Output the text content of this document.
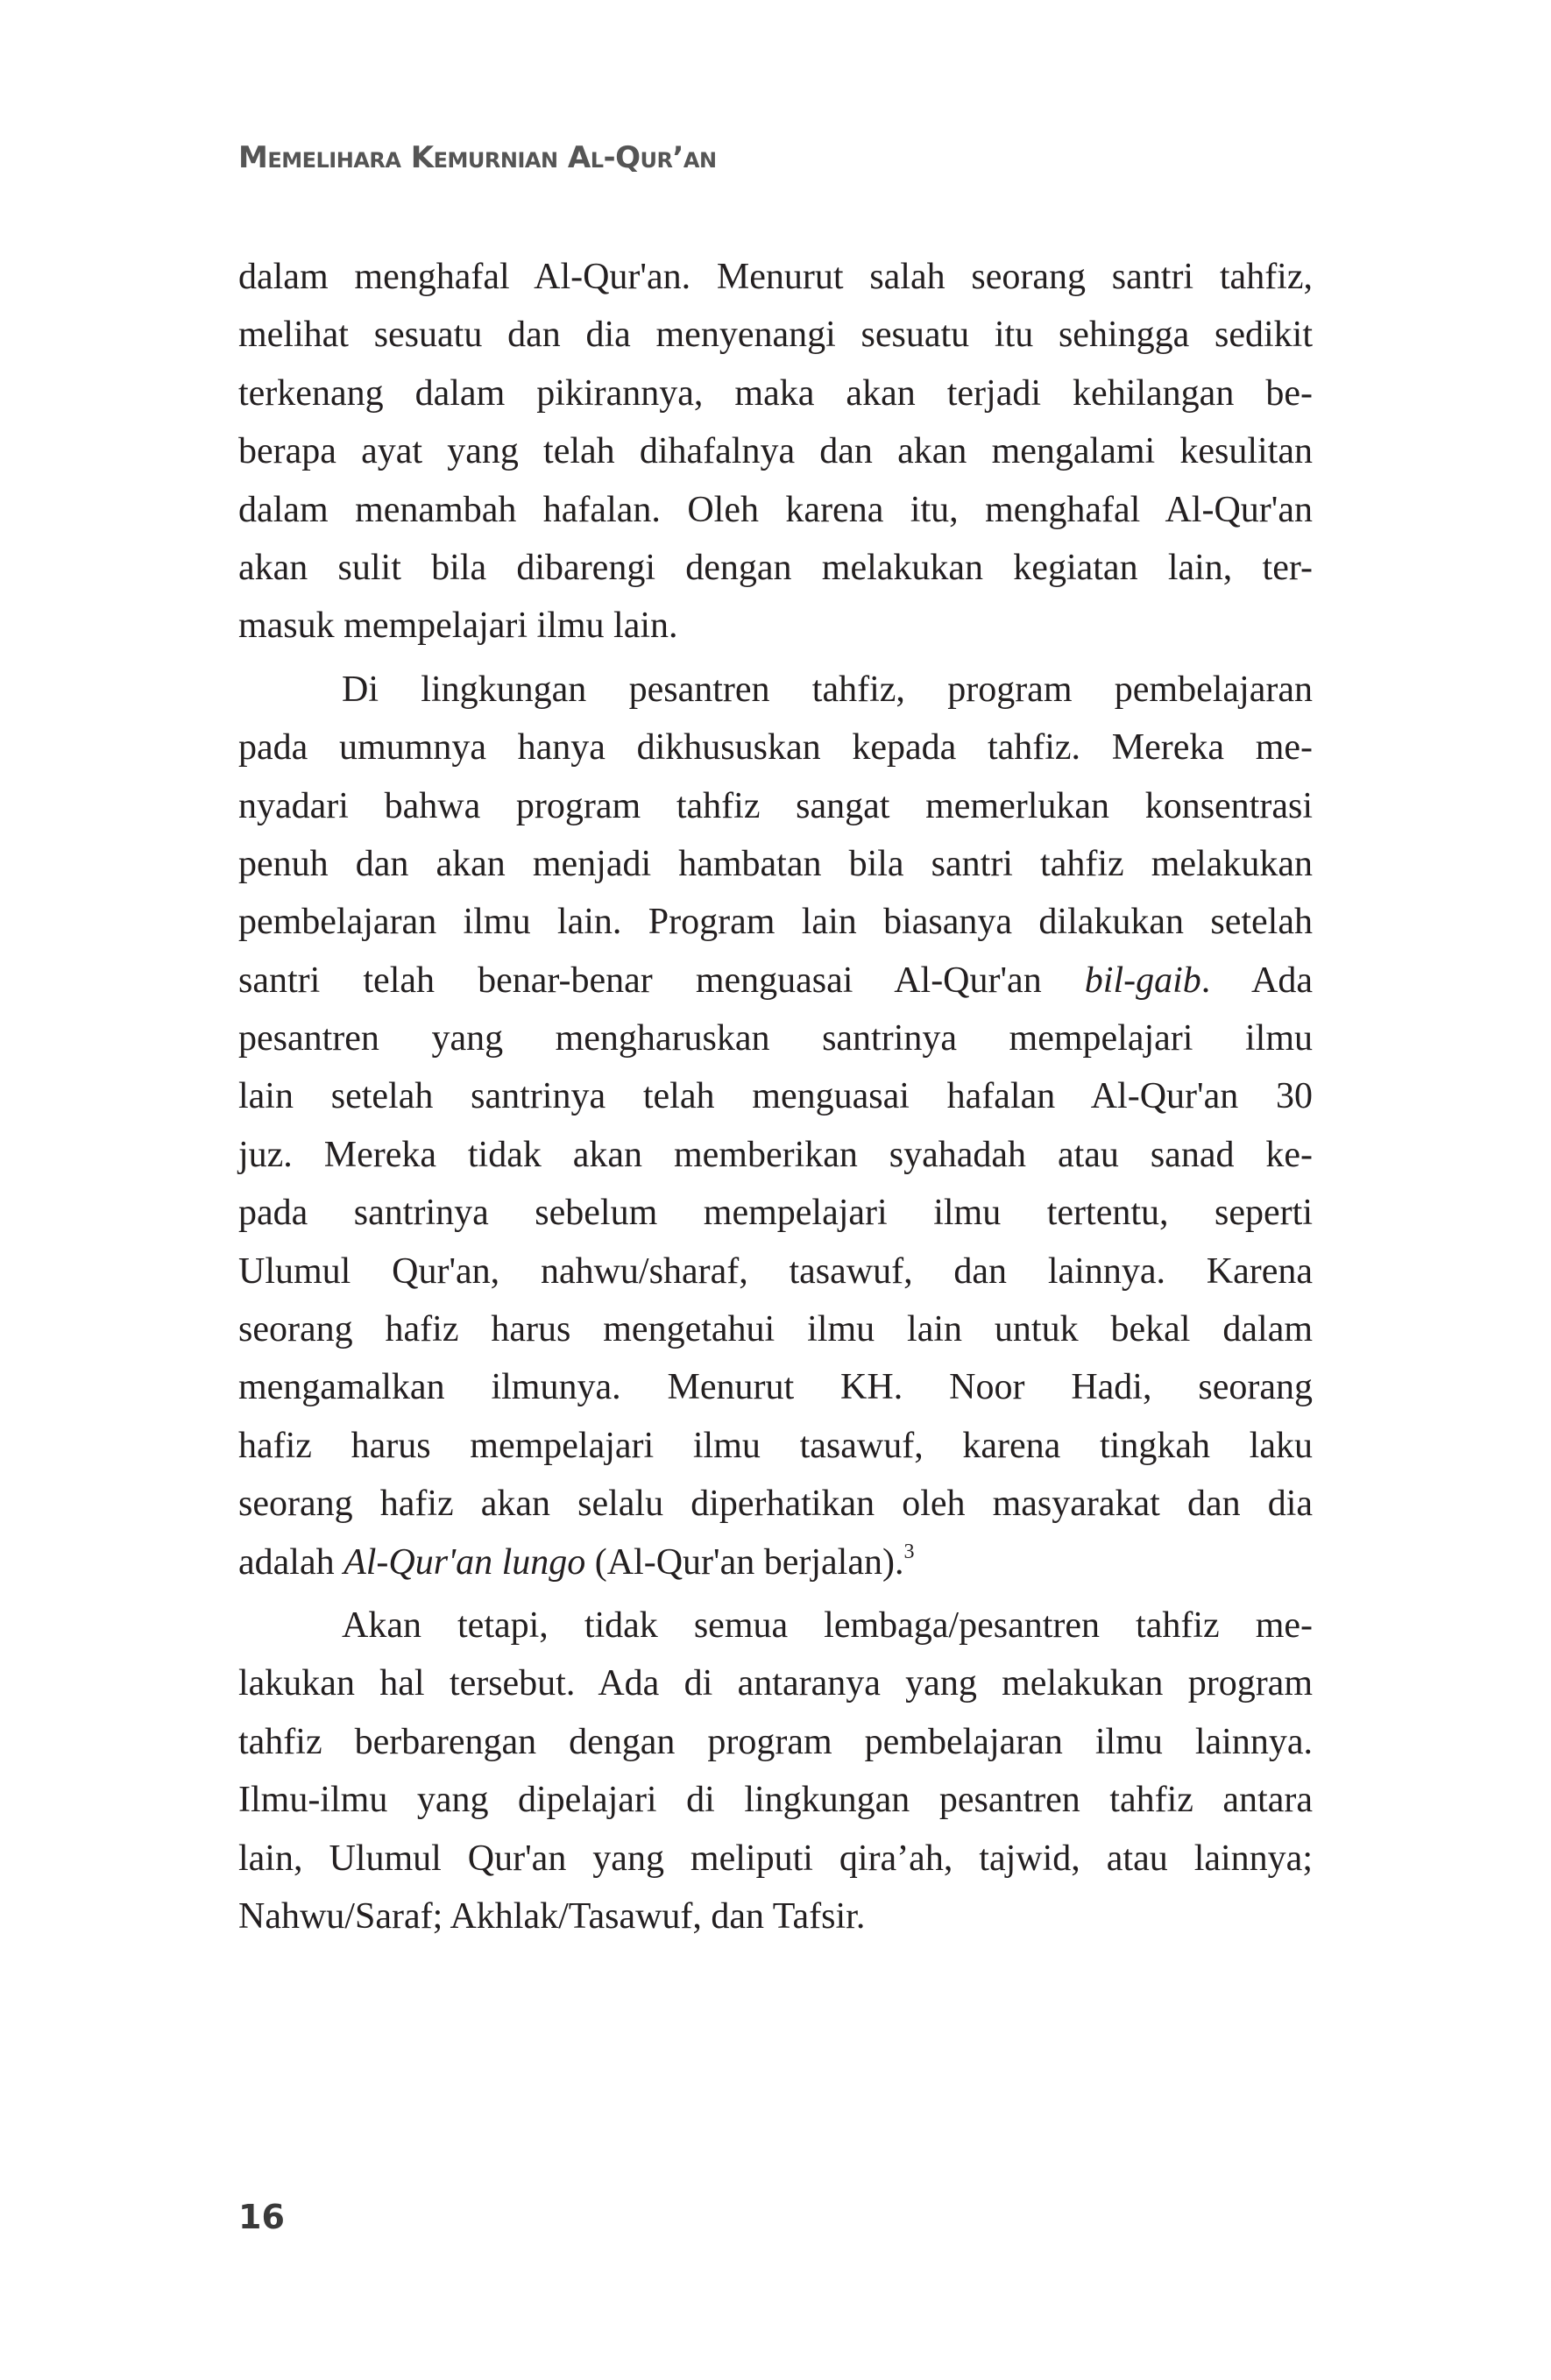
Memelihara Kemurnian Al-Qur’an
dalam menghafal Al-Qur'an. Menurut salah seorang santri tahfiz,
melihat sesuatu dan dia menyenangi sesuatu itu sehingga sedikit
terkenang dalam pikirannya, maka akan terjadi kehilangan be-
berapa ayat yang telah dihafalnya dan akan mengalami kesulitan
dalam menambah hafalan. Oleh karena itu, menghafal Al-Qur'an
akan sulit bila dibarengi dengan melakukan kegiatan lain, ter-
masuk mempelajari ilmu lain.
Di lingkungan pesantren tahfiz, program pembelajaran
pada umumnya hanya dikhususkan kepada tahfiz. Mereka me-
nyadari bahwa program tahfiz sangat memerlukan konsentrasi
penuh dan akan menjadi hambatan bila santri tahfiz melakukan
pembelajaran ilmu lain. Program lain biasanya dilakukan setelah
santri telah benar-benar menguasai Al-Qur'an bil-gaib. Ada
pesantren yang mengharuskan santrinya mempelajari ilmu
lain setelah santrinya telah menguasai hafalan Al-Qur'an 30
juz. Mereka tidak akan memberikan syahadah atau sanad ke-
pada santrinya sebelum mempelajari ilmu tertentu, seperti
Ulumul Qur'an, nahwu/sharaf, tasawuf, dan lainnya. Karena
seorang hafiz harus mengetahui ilmu lain untuk bekal dalam
mengamalkan ilmunya. Menurut KH. Noor Hadi, seorang
hafiz harus mempelajari ilmu tasawuf, karena tingkah laku
seorang hafiz akan selalu diperhatikan oleh masyarakat dan dia
adalah Al-Qur'an lungo (Al-Qur'an berjalan).$^3$
Akan tetapi, tidak semua lembaga/pesantren tahfiz me-
lakukan hal tersebut. Ada di antaranya yang melakukan program
tahfiz berbarengan dengan program pembelajaran ilmu lainnya.
Ilmu-ilmu yang dipelajari di lingkungan pesantren tahfiz antara
lain, Ulumul Qur'an yang meliputi qira’ah, tajwid, atau lainnya;
Nahwu/Saraf; Akhlak/Tasawuf, dan Tafsir.
16
